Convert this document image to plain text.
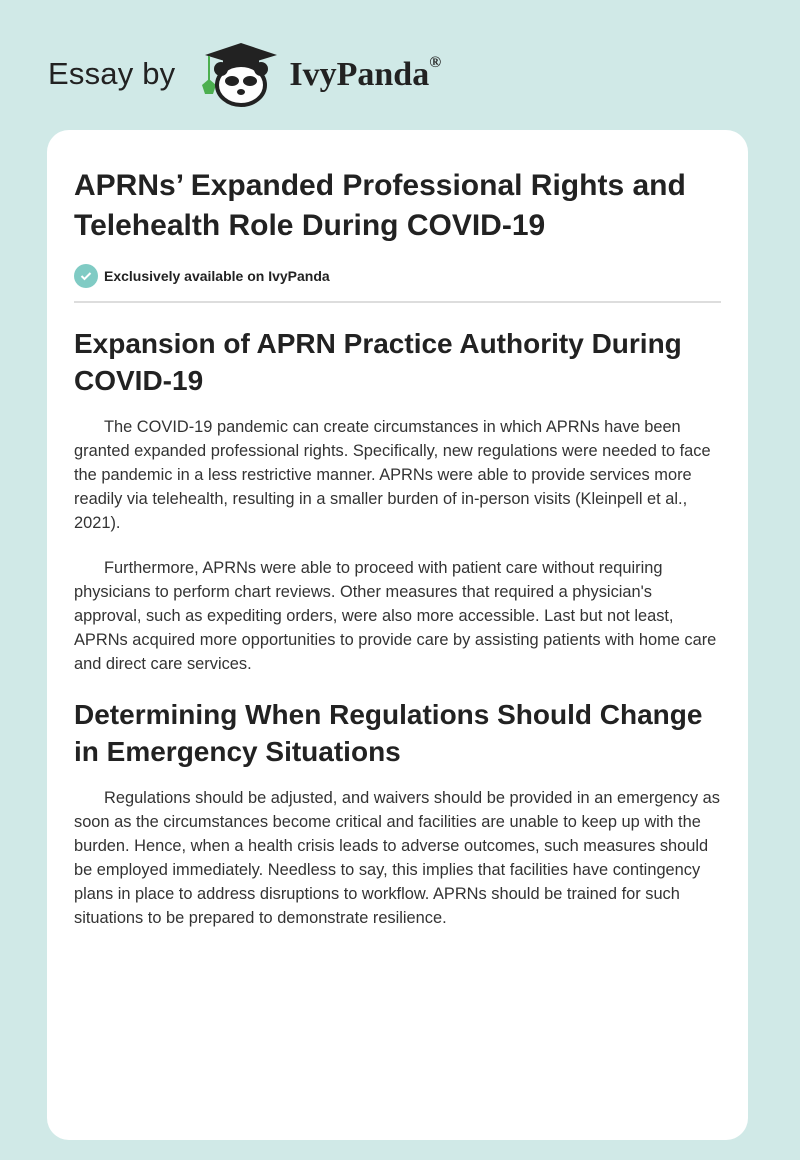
Essay by	IvyPanda®
APRNs’ Expanded Professional Rights and Telehealth Role During COVID-19
Exclusively available on IvyPanda
Expansion of APRN Practice Authority During COVID-19

The COVID-19 pandemic can create circumstances in which APRNs have been granted expanded professional rights. Specifically, new regulations were needed to face the pandemic in a less restrictive manner. APRNs were able to provide services more readily via telehealth, resulting in a smaller burden of in-person visits (Kleinpell et al., 2021).

Furthermore, APRNs were able to proceed with patient care without requiring physicians to perform chart reviews. Other measures that required a physician's approval, such as expediting orders, were also more accessible. Last but not least, APRNs acquired more opportunities to provide care by assisting patients with home care and direct care services.

Determining When Regulations Should Change in Emergency Situations

Regulations should be adjusted, and waivers should be provided in an emergency as soon as the circumstances become critical and facilities are unable to keep up with the burden. Hence, when a health crisis leads to adverse outcomes, such measures should be employed immediately. Needless to say, this implies that facilities have contingency plans in place to address disruptions to workflow. APRNs should be trained for such situations to be prepared to demonstrate resilience.
